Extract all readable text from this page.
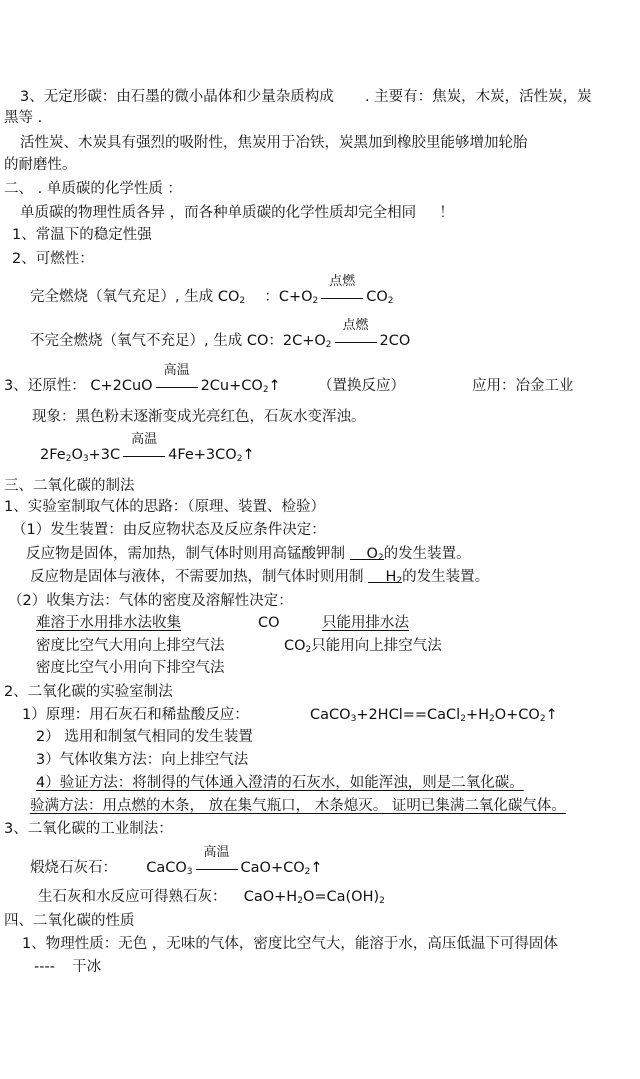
3、无定形碳：由石墨的微小晶体和少量杂质构成 . 主要有：焦炭，木炭，活性炭，炭
黑等 .
活性炭、木炭具有强烈的吸附性，焦炭用于冶铁，炭黑加到橡胶里能够增加轮胎
的耐磨性。
二、 . 单质碳的化学性质 ：
单质碳的物理性质各异 ，而各种单质碳的化学性质却完全相同 ！
1、常温下的稳定性强
2、可燃性：
完全燃烧（氧气充足）, 生成 $CO_2$ ：$C+O_2$
点燃
$CO_2$
不完全燃烧（氧气不充足）, 生成 CO：$2C+O_2$
点燃
2CO
3、还原性： C+2CuO
高温
$2Cu+CO_2↑$	（置换反应）	应用：冶金工业
现象：黑色粉末逐渐变成光亮红色，石灰水变浑浊。
$2Fe_2O_3+3C$
高温
$4Fe+3CO_2↑$
三、二氧化碳的制法
1、实验室制取气体的思路：（原理、装置、检验）
（1）发生装置：由反应物状态及反应条件决定：
反应物是固体，需加热，制气体时则用高锰酸钾制 $O_2$的发生装置。
反应物是固体与液体，不需要加热，制气体时则用制 $H_2$的发生装置。
（2）收集方法：气体的密度及溶解性决定：
难溶于水用排水法收集	CO	只能用排水法
密度比空气大用向上排空气法	$CO_2$只能用向上排空气法
密度比空气小用向下排空气法
2、二氧化碳的实验室制法
1）原理：用石灰石和稀盐酸反应：	$CaCO_3+2HCl==CaCl_2+H_2O+CO_2↑$
2） 选用和制氢气相同的发生装置
3）气体收集方法：向上排空气法
4）验证方法：将制得的气体通入澄清的石灰水，如能浑浊，则是二氧化碳。
验满方法：用点燃的木条， 放在集气瓶口， 木条熄灭。 证明已集满二氧化碳气体。
3、二氧化碳的工业制法：
煅烧石灰石： CaCO$_3$
高温
$CaO+CO_2↑$
生石灰和水反应可得熟石灰： $CaO+H_2O=Ca(OH)_2$
四、二氧化碳的性质
1、物理性质：无色 ，无味的气体，密度比空气大，能溶于水，高压低温下可得固体
---- 干冰
